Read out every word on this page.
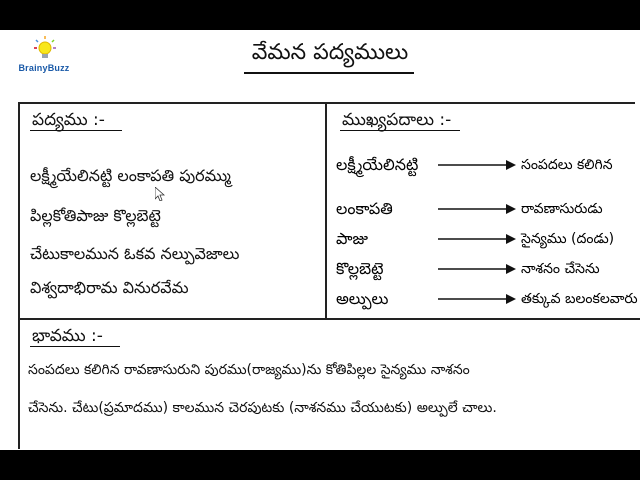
BrainyBuzz
వేమన పద్యములు
పద్యము :-
లక్ష్మీయేలినట్టి లంకాపతి పురమ్ము
పిల్లకోతిపాజు కొల్లబెట్టె
చేటుకాలమున ఓకవ నల్పువెజాలు
విశ్వదాభిరామ వినురవేమ
ముఖ్యపదాలు :-
లక్ష్మీయేలినట్టి	సంపదలు కలిగిన
లంకాపతి	రావణాసురుడు
పాజు	సైన్యము (దండు)
కొల్లబెట్టె	నాశనం చేసెను
అల్పులు	తక్కువ బలంకలవారు
భావము :-
సంపదలు కలిగిన రావణాసురుని పురము(రాజ్యము)ను కోతిపిల్లల సైన్యము నాశనం
చేసెను. చేటు(ప్రమాదము) కాలమున చెరపుటకు (నాశనము చేయుటకు) అల్పులే చాలు.
